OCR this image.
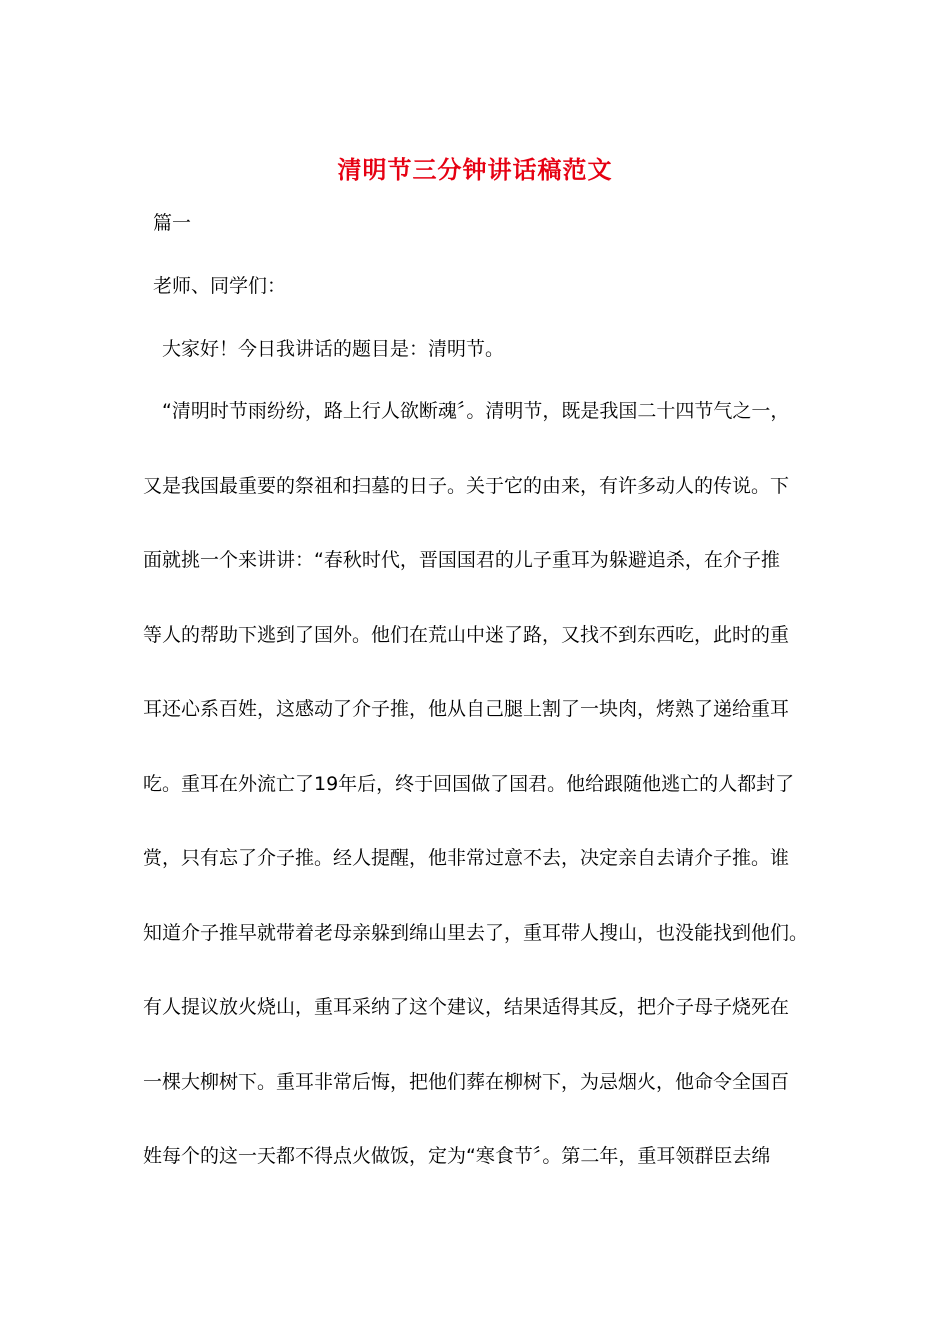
清明节三分钟讲话稿范文
篇一
老师、同学们：
大家好！今日我讲话的题目是：清明节。
“清明时节雨纷纷，路上行人欲断魂〞。清明节，既是我国二十四节气之一，
又是我国最重要的祭祖和扫墓的日子。关于它的由来，有许多动人的传说。下
面就挑一个来讲讲：“春秋时代，晋国国君的儿子重耳为躲避追杀，在介子推
等人的帮助下逃到了国外。他们在荒山中迷了路，又找不到东西吃，此时的重
耳还心系百姓，这感动了介子推，他从自己腿上割了一块肉，烤熟了递给重耳
吃。重耳在外流亡了19年后，终于回国做了国君。他给跟随他逃亡的人都封了
赏，只有忘了介子推。经人提醒，他非常过意不去，决定亲自去请介子推。谁
知道介子推早就带着老母亲躲到绵山里去了，重耳带人搜山，也没能找到他们。
有人提议放火烧山，重耳采纳了这个建议，结果适得其反，把介子母子烧死在
一棵大柳树下。重耳非常后悔，把他们葬在柳树下，为忌烟火，他命令全国百
姓每个的这一天都不得点火做饭，定为“寒食节〞。第二年，重耳领群臣去绵
